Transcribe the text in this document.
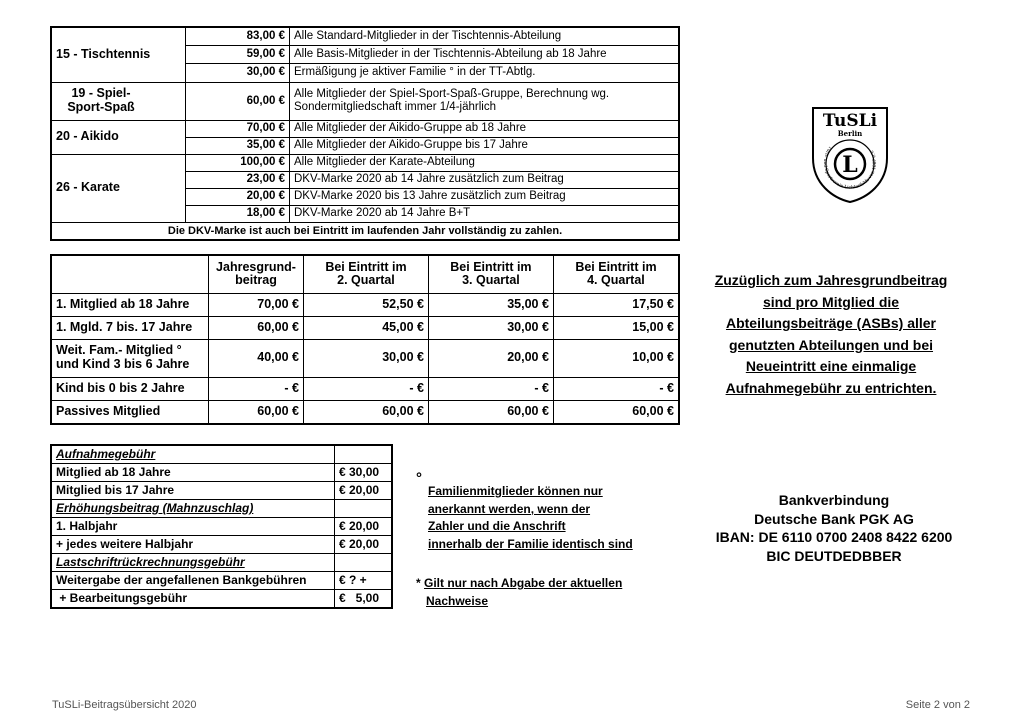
15 - Tischtennis	83,00 €	Alle Standard-Mitglieder in der Tischtennis-Abteilung
	59,00 €	Alle Basis-Mitglieder in der Tischtennis-Abteilung ab 18 Jahre
	30,00 €	Ermäßigung je aktiver Familie ° in der TT-Abtlg.

19 - Spiel-Sport-Spaß	60,00 €	Alle Mitglieder der Spiel-Sport-Spaß-Gruppe, Berechnung wg. Sondermitgliedschaft immer 1/4-jährlich
20 - Aikido	70,00 €	Alle Mitglieder der Aikido-Gruppe ab 18 Jahre
	35,00 €	Alle Mitglieder der Aikido-Gruppe bis 17 Jahre
26 - Karate	100,00 €	Alle Mitglieder der Karate-Abteilung
	23,00 €	DKV-Marke 2020 ab 14 Jahre zusätzlich zum Beitrag
	20,00 €	DKV-Marke 2020 bis 13 Jahre zusätzlich zum Beitrag
	18,00 €	DKV-Marke 2020 ab 14 Jahre B+T
Die DKV-Marke ist auch bei Eintritt im laufenden Jahr vollständig zu zahlen.		

	Jahresgrund-beitrag	Bei Eintritt im 2. Quartal	Bei Eintritt im 3. Quartal	Bei Eintritt im 4. Quartal

1. Mitglied ab 18 Jahre	70,00 €	52,50 €	35,00 €	17,50 €
1. Mgld. 7 bis. 17 Jahre	60,00 €	45,00 €	30,00 €	15,00 €
Weit. Fam.- Mitglied ° und Kind 3 bis 6 Jahre	40,00 €	30,00 €	20,00 €	10,00 €
Kind bis 0 bis 2 Jahre	- €	- €	- €	- €
Passives Mitglied	60,00 €	60,00 €	60,00 €	60,00 €
Zuzüglich zum Jahresgrundbeitrag
sind pro Mitglied die
Abteilungsbeiträge (ASBs) aller
genutzten Abteilungen und bei
Neueintritt eine einmalige
Aufnahmegebühr zu entrichten.
Aufnahmegebühr	
Mitglied ab 18 Jahre	€ 30,00
Mitglied bis 17 Jahre	€ 20,00
Erhöhungsbeitrag (Mahnzuschlag)	
1. Halbjahr	€ 20,00
+ jedes weitere Halbjahr	€ 20,00
Lastschriftrückrechnungsgebühr	
Weitergabe der angefallenen Bankgebühren	€ ? +
+ Bearbeitungsgebühr	€   5,00
°
Familienmitglieder können nur
anerkannt werden, wenn der
Zahler und die Anschrift
innerhalb der Familie identisch sind
* Gilt nur nach Abgabe der aktuellen
Nachweise
Bankverbindung
Deutsche Bank PGK AG
IBAN: DE 6110 0700 2408 8422 6200
BIC DEUTDEDBBER
TuSLi
Berlin
L
Turn- und Sportverein Lichterfelde von 1887 e.V.
TuSLi-Beitragsübersicht 2020	Seite 2 von 2
